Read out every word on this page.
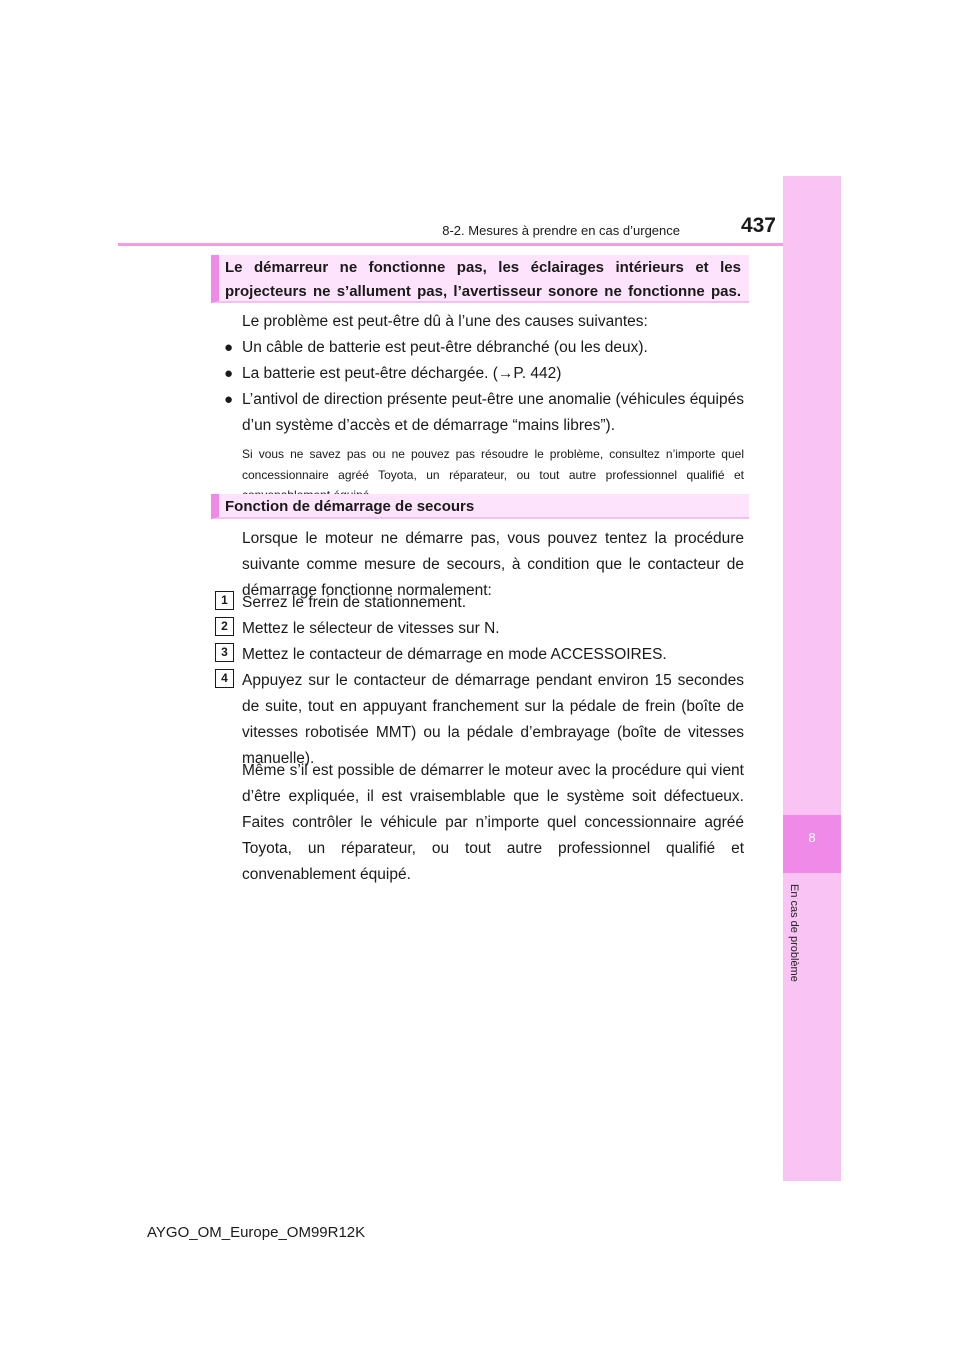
8
En cas de problème
8-2. Mesures à prendre en cas d’urgence	437
Le démarreur ne fonctionne pas, les éclairages intérieurs et les projecteurs ne s’allument pas, l’avertisseur sonore ne fonctionne pas.
Le problème est peut-être dû à l’une des causes suivantes:
● Un câble de batterie est peut-être débranché (ou les deux).
● La batterie est peut-être déchargée. (→P. 442)
● L’antivol de direction présente peut-être une anomalie (véhicules équipés d’un système d’accès et de démarrage “mains libres”).
Si vous ne savez pas ou ne pouvez pas résoudre le problème, consultez n’importe quel concessionnaire agréé Toyota, un réparateur, ou tout autre professionnel qualifié et
Fonction de démarrage de secours
Lorsque le moteur ne démarre pas, vous pouvez tentez la procédure suivante comme mesure de secours, à condition que le contacteur de démarrage fonctionne normalement:
1 Serrez le frein de stationnement.
2 Mettez le sélecteur de vitesses sur N.
3 Mettez le contacteur de démarrage en mode ACCESSOIRES.
4 Appuyez sur le contacteur de démarrage pendant environ 15 secondes de suite, tout en appuyant franchement sur la pédale de frein (boîte de vitesses robotisée MMT) ou la pédale d’embrayage (boîte de vitesses manuelle).
Même s’il est possible de démarrer le moteur avec la procédure qui vient d’être expliquée, il est vraisemblable que le système soit défectueux. Faites contrôler le véhicule par n’importe quel concessionnaire agréé Toyota, un réparateur, ou tout autre professionnel qualifié et convenablement équipé.
AYGO_OM_Europe_OM99R12K
